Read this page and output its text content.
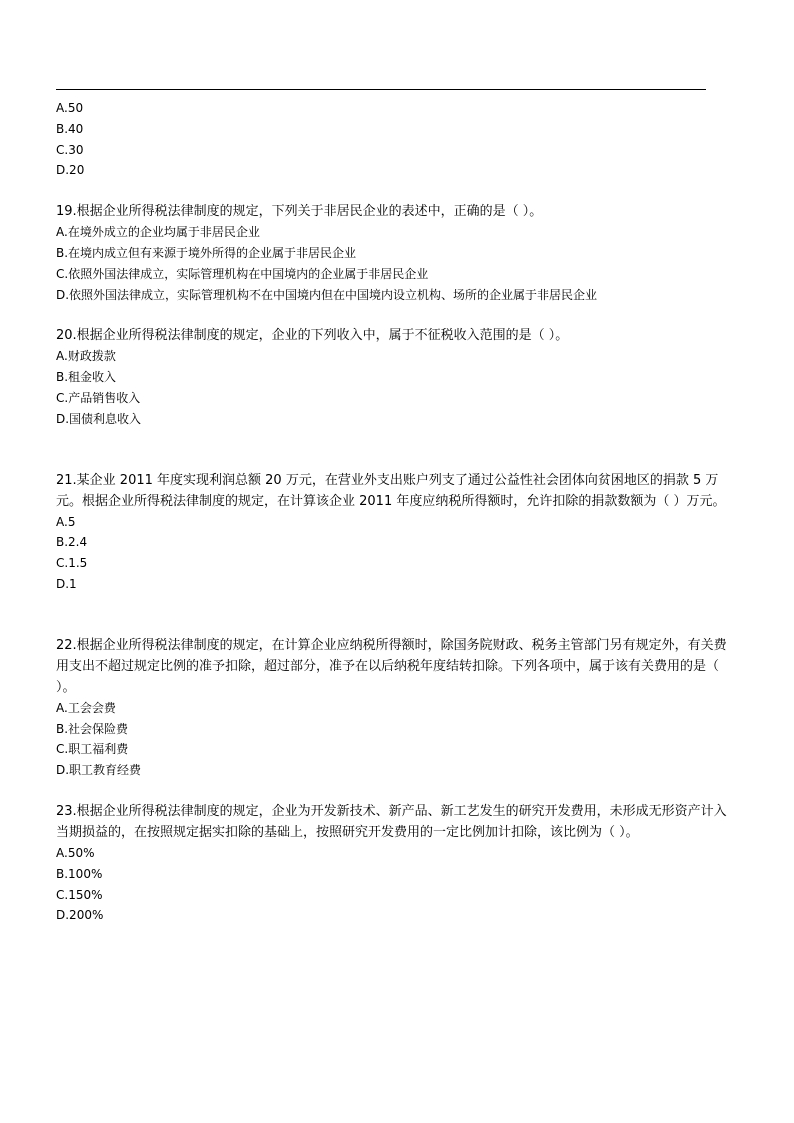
A.50

B.40

C.30

D.20

19.根据企业所得税法律制度的规定，下列关于非居民企业的表述中，正确的是（ ）。

A.在境外成立的企业均属于非居民企业

B.在境内成立但有来源于境外所得的企业属于非居民企业

C.依照外国法律成立，实际管理机构在中国境内的企业属于非居民企业

D.依照外国法律成立，实际管理机构不在中国境内但在中国境内设立机构、场所的企业属于非居民企业

20.根据企业所得税法律制度的规定，企业的下列收入中，属于不征税收入范围的是（ ）。

A.财政拨款

B.租金收入

C.产品销售收入

D.国债利息收入

21.某企业 2011 年度实现利润总额 20 万元，在营业外支出账户列支了通过公益性社会团体向贫困地区的捐款 5 万元。根据企业所得税法律制度的规定，在计算该企业 2011 年度应纳税所得额时，允许扣除的捐款数额为（ ）万元。

A.5

B.2.4

C.1.5

D.1

22.根据企业所得税法律制度的规定，在计算企业应纳税所得额时，除国务院财政、税务主管部门另有规定外，有关费用支出不超过规定比例的准予扣除，超过部分，准予在以后纳税年度结转扣除。下列各项中，属于该有关费用的是（ ）。

A.工会会费

B.社会保险费

C.职工福利费

D.职工教育经费

23.根据企业所得税法律制度的规定，企业为开发新技术、新产品、新工艺发生的研究开发费用，未形成无形资产计入当期损益的，在按照规定据实扣除的基础上，按照研究开发费用的一定比例加计扣除，该比例为（ ）。

A.50%

B.100%

C.150%

D.200%
